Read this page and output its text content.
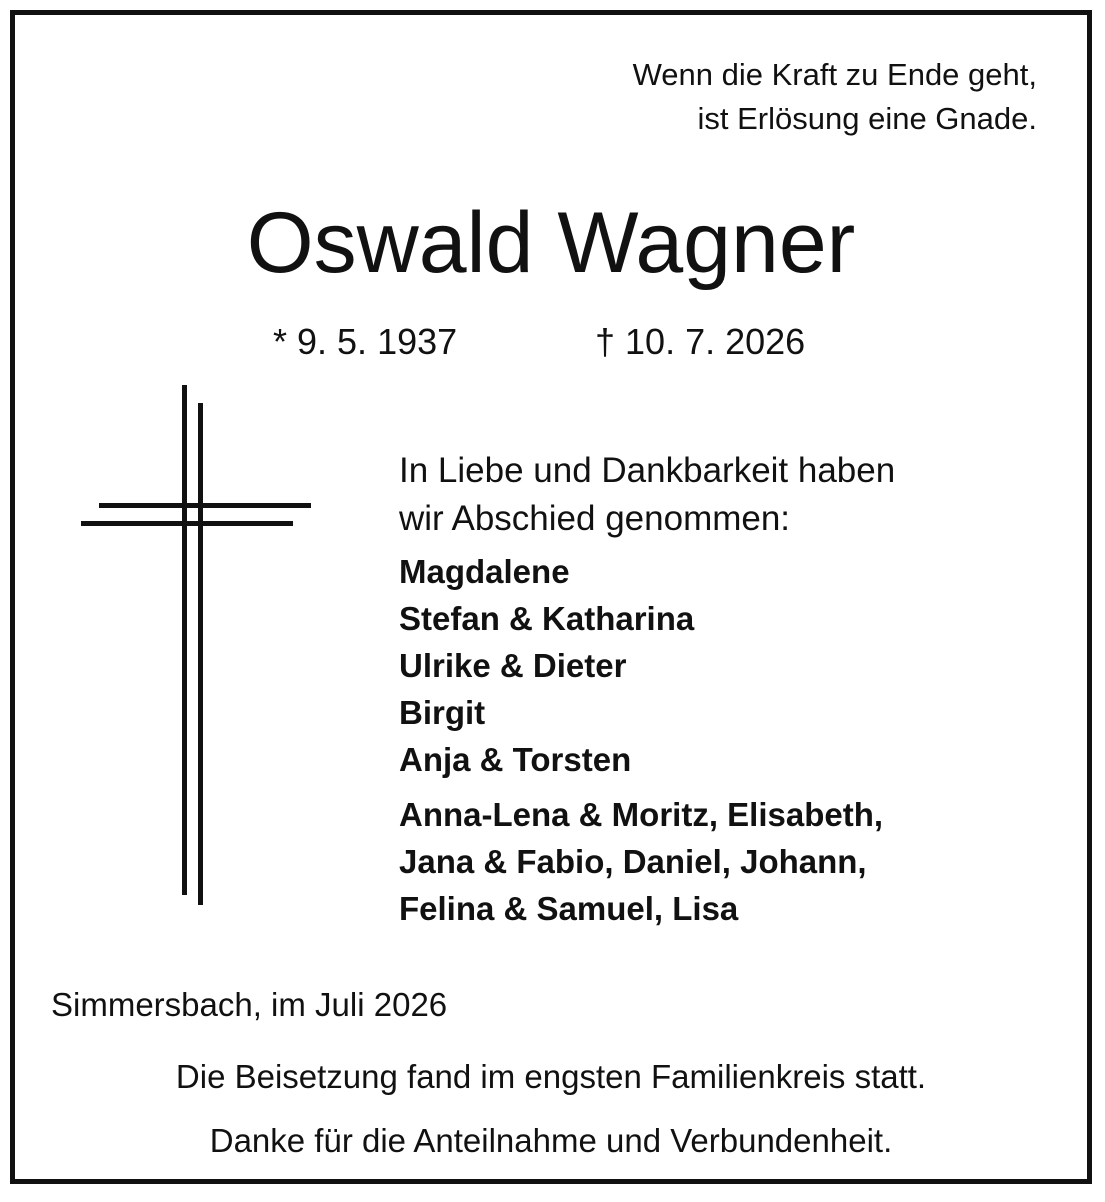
Wenn die Kraft zu Ende geht,
ist Erlösung eine Gnade.
Oswald Wagner
* 9. 5. 1937	† 10. 7. 2026
In Liebe und Dankbarkeit haben
wir Abschied genommen:
Magdalene
Stefan & Katharina
Ulrike & Dieter
Birgit
Anja & Torsten
Anna-Lena & Moritz, Elisabeth,
Jana & Fabio, Daniel, Johann,
Felina & Samuel, Lisa
Simmersbach, im Juli 2026
Die Beisetzung fand im engsten Familienkreis statt.
Danke für die Anteilnahme und Verbundenheit.
